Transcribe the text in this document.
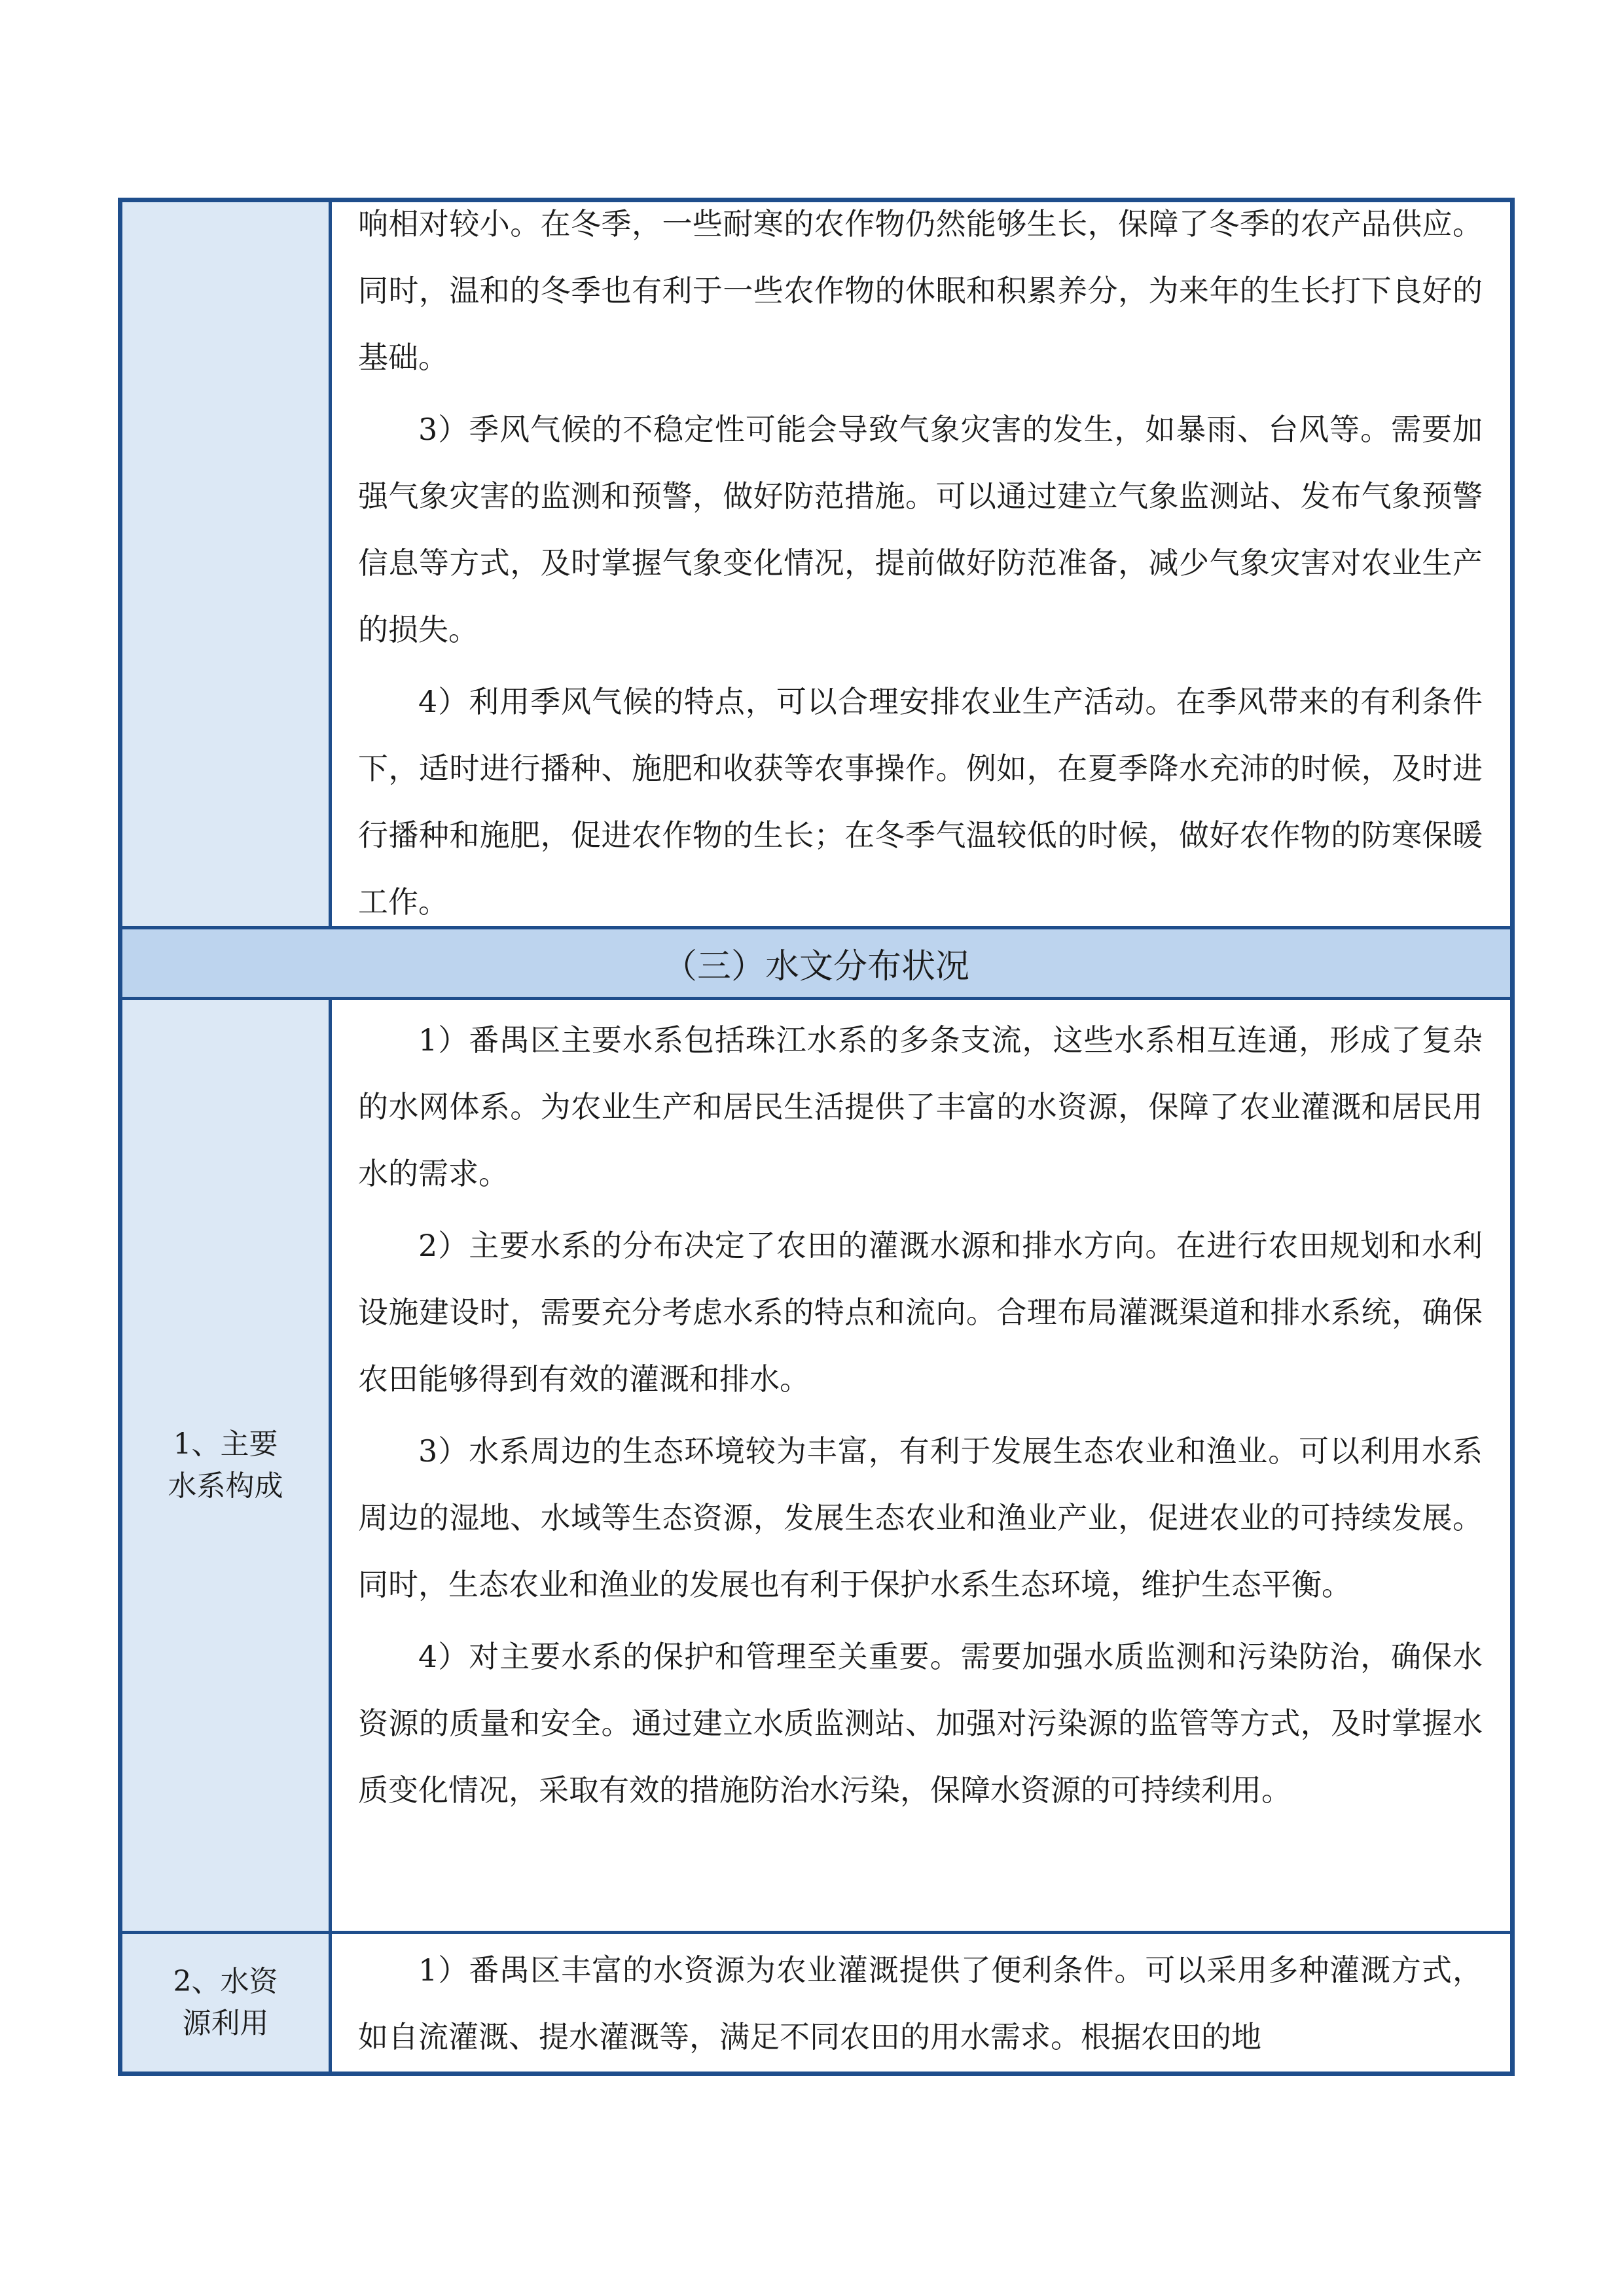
响相对较小。在冬季，一些耐寒的农作物仍然能够生长，保障了冬季的农产品供应。同时，温和的冬季也有利于一些农作物的休眠和积累养分，为来年的生长打下良好的基础。

3）季风气候的不稳定性可能会导致气象灾害的发生，如暴雨、台风等。需要加强气象灾害的监测和预警，做好防范措施。可以通过建立气象监测站、发布气象预警信息等方式，及时掌握气象变化情况，提前做好防范准备，减少气象灾害对农业生产的损失。

4）利用季风气候的特点，可以合理安排农业生产活动。在季风带来的有利条件下，适时进行播种、施肥和收获等农事操作。例如，在夏季降水充沛的时候，及时进行播种和施肥，促进农作物的生长；在冬季气温较低的时候，做好农作物的防寒保暖工作。

（三）水文分布状况
1、主要水系构成

1）番禺区主要水系包括珠江水系的多条支流，这些水系相互连通，形成了复杂的水网体系。为农业生产和居民生活提供了丰富的水资源，保障了农业灌溉和居民用水的需求。

2）主要水系的分布决定了农田的灌溉水源和排水方向。在进行农田规划和水利设施建设时，需要充分考虑水系的特点和流向。合理布局灌溉渠道和排水系统，确保农田能够得到有效的灌溉和排水。

3）水系周边的生态环境较为丰富，有利于发展生态农业和渔业。可以利用水系周边的湿地、水域等生态资源，发展生态农业和渔业产业，促进农业的可持续发展。同时，生态农业和渔业的发展也有利于保护水系生态环境，维护生态平衡。

4）对主要水系的保护和管理至关重要。需要加强水质监测和污染防治，确保水资源的质量和安全。通过建立水质监测站、加强对污染源的监管等方式，及时掌握水质变化情况，采取有效的措施防治水污染，保障水资源的可持续利用。

2、水资源利用

1）番禺区丰富的水资源为农业灌溉提供了便利条件。可以采用多种灌溉方式，如自流灌溉、提水灌溉等，满足不同农田的用水需求。根据农田的地
